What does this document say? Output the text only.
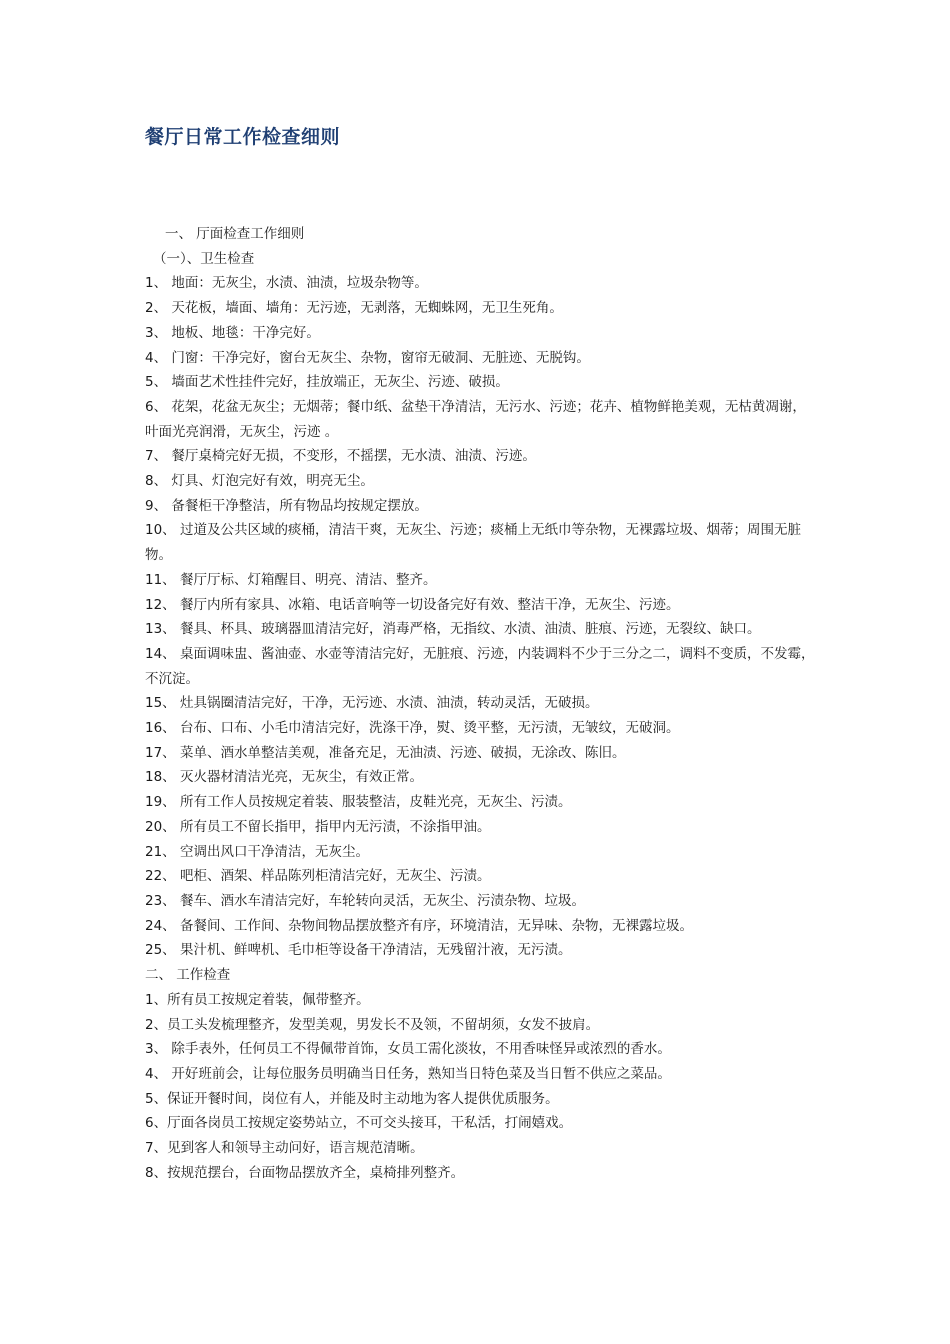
餐厅日常工作检查细则

一、 厅面检查工作细则

（一）、卫生检查

1、 地面：无灰尘，水渍、油渍，垃圾杂物等。

2、 天花板，墙面、墙角：无污迹，无剥落，无蜘蛛网，无卫生死角。

3、 地板、地毯：干净完好。

4、 门窗：干净完好，窗台无灰尘、杂物，窗帘无破洞、无脏迹、无脱钩。

5、 墙面艺术性挂件完好，挂放端正，无灰尘、污迹、破损。

6、 花架，花盆无灰尘；无烟蒂；餐巾纸、盆垫干净清洁，无污水、污迹；花卉、植物鲜艳美观，无枯黄凋谢，叶面光亮润滑，无灰尘，污迹 。

7、 餐厅桌椅完好无损，不变形，不摇摆，无水渍、油渍、污迹。

8、 灯具、灯泡完好有效，明亮无尘。

9、 备餐柜干净整洁，所有物品均按规定摆放。

10、 过道及公共区域的痰桶，清洁干爽，无灰尘、污迹；痰桶上无纸巾等杂物，无裸露垃圾、烟蒂；周围无脏物。

11、 餐厅厅标、灯箱醒目、明亮、清洁、整齐。

12、 餐厅内所有家具、冰箱、电话音响等一切设备完好有效、整洁干净，无灰尘、污迹。

13、 餐具、杯具、玻璃器皿清洁完好，消毒严格，无指纹、水渍、油渍、脏痕、污迹，无裂纹、缺口。

14、 桌面调味盅、酱油壶、水壶等清洁完好，无脏痕、污迹，内装调料不少于三分之二，调料不变质，不发霉，不沉淀。

15、 灶具锅圈清洁完好，干净，无污迹、水渍、油渍，转动灵活，无破损。

16、 台布、口布、小毛巾清洁完好，洗涤干净，熨、烫平整，无污渍，无皱纹，无破洞。

17、 菜单、酒水单整洁美观，准备充足，无油渍、污迹、破损，无涂改、陈旧。

18、 灭火器材清洁光亮，无灰尘，有效正常。

19、 所有工作人员按规定着装、服装整洁，皮鞋光亮，无灰尘、污渍。

20、 所有员工不留长指甲，指甲内无污渍，不涂指甲油。

21、 空调出风口干净清洁，无灰尘。

22、 吧柜、酒架、样品陈列柜清洁完好，无灰尘、污渍。

23、 餐车、酒水车清洁完好，车轮转向灵活，无灰尘、污渍杂物、垃圾。

24、 备餐间、工作间、杂物间物品摆放整齐有序，环境清洁，无异味、杂物，无裸露垃圾。

25、 果汁机、鲜啤机、毛巾柜等设备干净清洁，无残留汁液，无污渍。

二、 工作检查

1、所有员工按规定着装，佩带整齐。

2、员工头发梳理整齐，发型美观，男发长不及领，不留胡须，女发不披肩。

3、 除手表外，任何员工不得佩带首饰，女员工需化淡妆，不用香味怪异或浓烈的香水。

4、 开好班前会，让每位服务员明确当日任务，熟知当日特色菜及当日暂不供应之菜品。

5、保证开餐时间，岗位有人，并能及时主动地为客人提供优质服务。

6、厅面各岗员工按规定姿势站立，不可交头接耳，干私活，打闹嬉戏。

7、见到客人和领导主动问好，语言规范清晰。

8、按规范摆台，台面物品摆放齐全，桌椅排列整齐。
